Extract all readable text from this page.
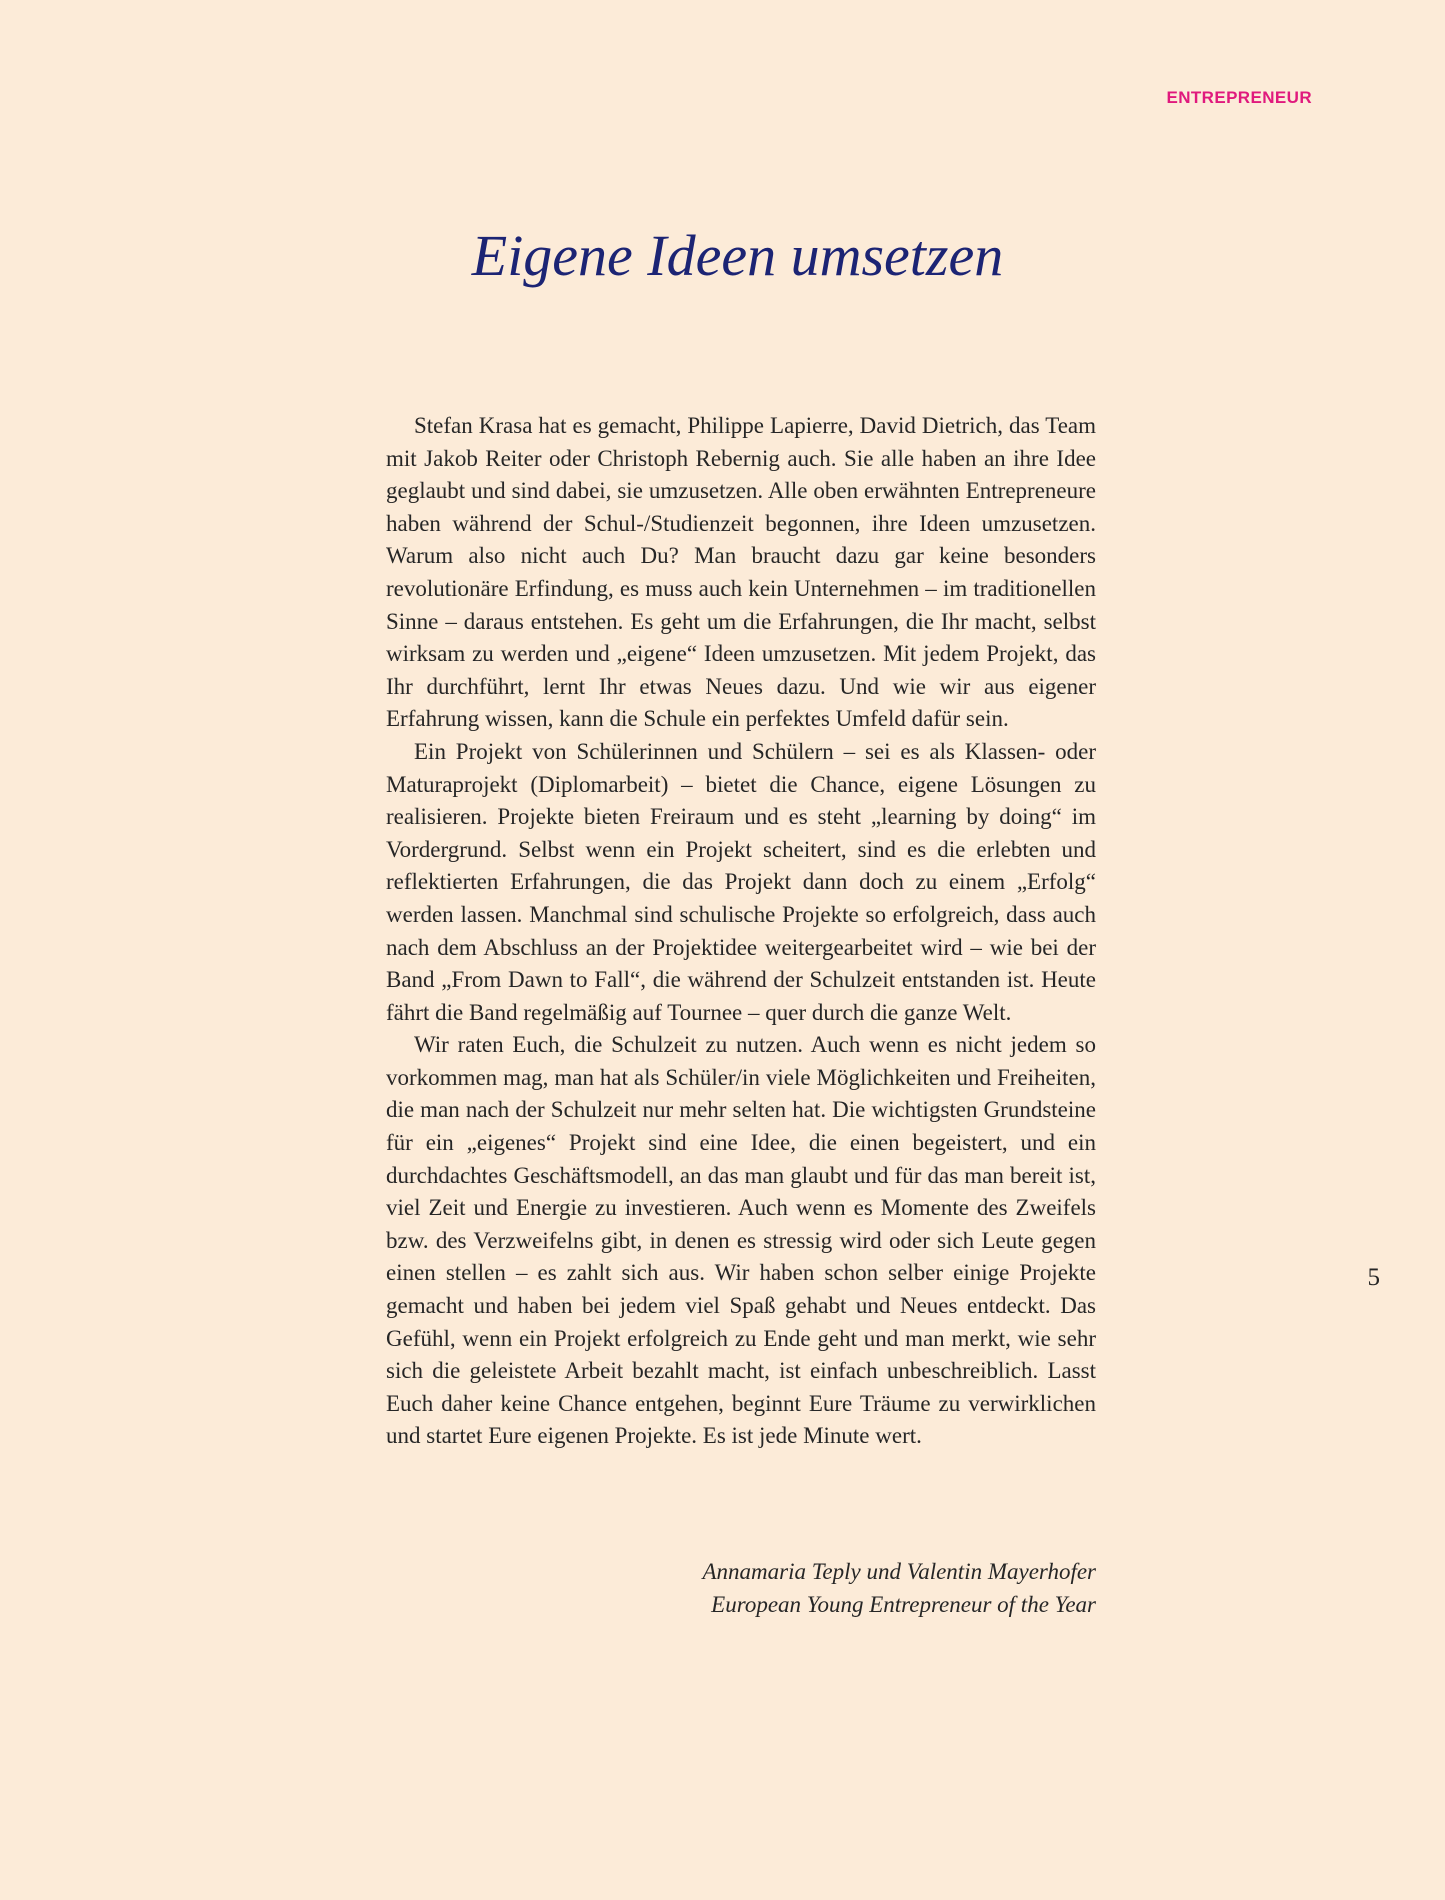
ENTREPRENEUR
Eigene Ideen umsetzen

Stefan Krasa hat es gemacht, Philippe Lapierre, David Dietrich, das Team mit Jakob Reiter oder Christoph Rebernig auch. Sie alle haben an ihre Idee geglaubt und sind dabei, sie umzusetzen. Alle oben erwähnten Entrepreneure haben während der Schul-/Studienzeit begonnen, ihre Ideen umzusetzen. Warum also nicht auch Du? Man braucht dazu gar keine besonders revolutionäre Erfindung, es muss auch kein Unternehmen – im traditionellen Sinne – daraus entstehen. Es geht um die Erfahrungen, die Ihr macht, selbst wirksam zu werden und „eigene“ Ideen umzusetzen. Mit jedem Projekt, das Ihr durchführt, lernt Ihr etwas Neues dazu. Und wie wir aus eigener Erfahrung wissen, kann die Schule ein perfektes Umfeld dafür sein.

Ein Projekt von Schülerinnen und Schülern – sei es als Klassen- oder Maturaprojekt (Diplomarbeit) – bietet die Chance, eigene Lösungen zu realisieren. Projekte bieten Freiraum und es steht „learning by doing“ im Vordergrund. Selbst wenn ein Projekt scheitert, sind es die erlebten und reflektierten Erfahrungen, die das Projekt dann doch zu einem „Erfolg“ werden lassen. Manchmal sind schulische Projekte so erfolgreich, dass auch nach dem Abschluss an der Projektidee weitergearbeitet wird – wie bei der Band „From Dawn to Fall“, die während der Schulzeit entstanden ist. Heute fährt die Band regelmäßig auf Tournee – quer durch die ganze Welt.

Wir raten Euch, die Schulzeit zu nutzen. Auch wenn es nicht jedem so vorkommen mag, man hat als Schüler/in viele Möglichkeiten und Freiheiten, die man nach der Schulzeit nur mehr selten hat. Die wichtigsten Grundsteine für ein „eigenes“ Projekt sind eine Idee, die einen begeistert, und ein durchdachtes Geschäftsmodell, an das man glaubt und für das man bereit ist, viel Zeit und Energie zu investieren. Auch wenn es Momente des Zweifels bzw. des Verzweifelns gibt, in denen es stressig wird oder sich Leute gegen einen stellen – es zahlt sich aus. Wir haben schon selber einige Projekte gemacht und haben bei jedem viel Spaß gehabt und Neues entdeckt. Das Gefühl, wenn ein Projekt erfolgreich zu Ende geht und man merkt, wie sehr sich die geleistete Arbeit bezahlt macht, ist einfach unbeschreiblich. Lasst Euch daher keine Chance entgehen, beginnt Eure Träume zu verwirklichen und startet Eure eigenen Projekte. Es ist jede Minute wert.

Annamaria Teply und Valentin Mayerhofer
European Young Entrepreneur of the Year
5
